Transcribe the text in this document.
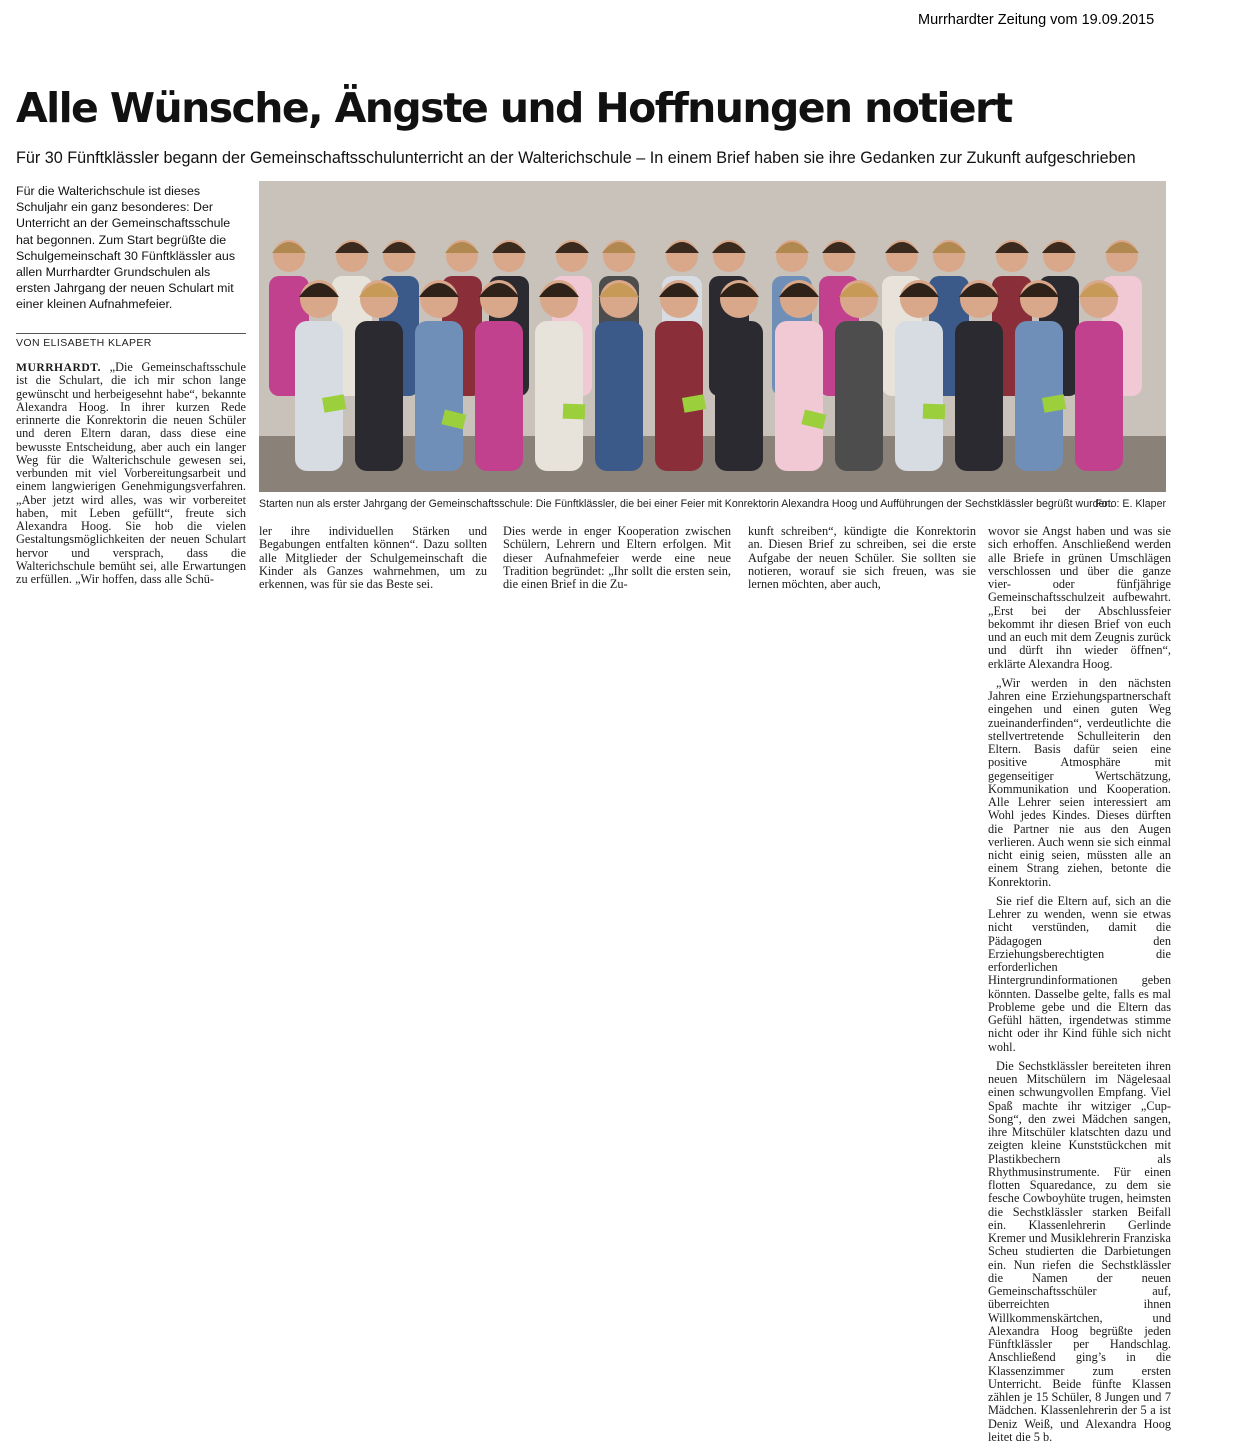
Murrhardter Zeitung vom 19.09.2015
Alle Wünsche, Ängste und Hoffnungen notiert
Für 30 Fünftklässler begann der Gemeinschaftsschulunterricht an der Walterichschule – In einem Brief haben sie ihre Gedanken zur Zukunft aufgeschrieben

Für die Walterichschule ist dieses Schuljahr ein ganz besonderes: Der Unterricht an der Gemeinschaftsschule hat begonnen. Zum Start begrüßte die Schulgemeinschaft 30 Fünftklässler aus allen Murrhardter Grundschulen als ersten Jahrgang der neuen Schulart mit einer kleinen Aufnahmefeier.

VON ELISABETH KLAPER

MURRHARDT. „Die Gemeinschaftsschule ist die Schulart, die ich mir schon lange gewünscht und herbeigesehnt habe“, bekannte Alexandra Hoog. In ihrer kurzen Rede erinnerte die Konrektorin die neuen Schüler und deren Eltern daran, dass diese eine bewusste Entscheidung, aber auch ein langer Weg für die Walterichschule gewesen sei, verbunden mit viel Vorbereitungsarbeit und einem langwierigen Genehmigungsverfahren. „Aber jetzt wird alles, was wir vorbereitet haben, mit Leben gefüllt“, freute sich Alexandra Hoog. Sie hob die vielen Gestaltungsmöglichkeiten der neuen Schulart hervor und versprach, dass die Walterichschule bemüht sei, alle Erwartungen zu erfüllen. „Wir hoffen, dass alle Schü-

Starten nun als erster Jahrgang der Gemeinschaftsschule: Die Fünftklässler, die bei einer Feier mit Konrektorin Alexandra Hoog und Aufführungen der Sechstklässler begrüßt wurden.
Foto: E. Klaper

ler ihre individuellen Stärken und Begabungen entfalten können“. Dazu sollten alle Mitglieder der Schulgemeinschaft die Kinder als Ganzes wahrnehmen, um zu erkennen, was für sie das Beste sei.

Dies werde in enger Kooperation zwischen Schülern, Lehrern und Eltern erfolgen. Mit dieser Aufnahmefeier werde eine neue Tradition begründet: „Ihr sollt die ersten sein, die einen Brief in die Zu-

kunft schreiben“, kündigte die Konrektorin an. Diesen Brief zu schreiben, sei die erste Aufgabe der neuen Schüler. Sie sollten sie notieren, worauf sie sich freuen, was sie lernen möchten, aber auch,

wovor sie Angst haben und was sie sich erhoffen. Anschließend werden alle Briefe in grünen Umschlägen verschlossen und über die ganze vier- oder fünfjährige Gemeinschaftsschulzeit aufbewahrt. „Erst bei der Abschlussfeier bekommt ihr diesen Brief von euch und an euch mit dem Zeugnis zurück und dürft ihn wieder öffnen“, erklärte Alexandra Hoog.

„Wir werden in den nächsten Jahren eine Erziehungspartnerschaft eingehen und einen guten Weg zueinanderfinden“, verdeutlichte die stellvertretende Schulleiterin den Eltern. Basis dafür seien eine positive Atmosphäre mit gegenseitiger Wertschätzung, Kommunikation und Kooperation. Alle Lehrer seien interessiert am Wohl jedes Kindes. Dieses dürften die Partner nie aus den Augen verlieren. Auch wenn sie sich einmal nicht einig seien, müssten alle an einem Strang ziehen, betonte die Konrektorin.

Sie rief die Eltern auf, sich an die Lehrer zu wenden, wenn sie etwas nicht verstünden, damit die Pädagogen den Erziehungsberechtigten die erforderlichen Hintergrundinformationen geben könnten. Dasselbe gelte, falls es mal Probleme gebe und die Eltern das Gefühl hätten, irgendetwas stimme nicht oder ihr Kind fühle sich nicht wohl.

Die Sechstklässler bereiteten ihren neuen Mitschülern im Nägelesaal einen schwungvollen Empfang. Viel Spaß machte ihr witziger „Cup-Song“, den zwei Mädchen sangen, ihre Mitschüler klatschten dazu und zeigten kleine Kunststückchen mit Plastikbechern als Rhythmusinstrumente. Für einen flotten Squaredance, zu dem sie fesche Cowboyhüte trugen, heimsten die Sechstklässler starken Beifall ein. Klassenlehrerin Gerlinde Kremer und Musiklehrerin Franziska Scheu studierten die Darbietungen ein. Nun riefen die Sechstklässler die Namen der neuen Gemeinschaftsschüler auf, überreichten ihnen Willkommenskärtchen, und Alexandra Hoog begrüßte jeden Fünftklässler per Handschlag. Anschließend ging’s in die Klassenzimmer zum ersten Unterricht. Beide fünfte Klassen zählen je 15 Schüler, 8 Jungen und 7 Mädchen. Klassenlehrerin der 5 a ist Deniz Weiß, und Alexandra Hoog leitet die 5 b.
